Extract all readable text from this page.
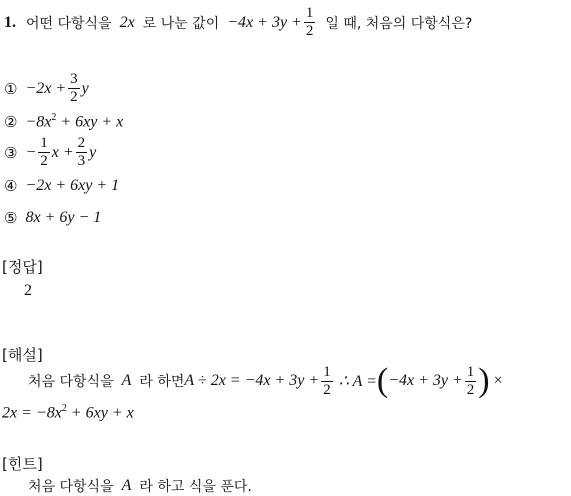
1. 어떤 다항식을 2x 로 나눈 값이 $-4x + 3y + \frac{1}{2}$ 일 때, 처음의 다항식은?
① $-2x + \frac{3}{2}$ y
② $-8x^2 + 6xy + x$
③ − $\frac{1}{2}$ $x + \frac{2}{3}$ y
④ −2x + 6xy + 1
⑤ 8x + 6y − 1
[정답]
2
[해설]
처음 다항식을 A 라 하면 $A \div 2x = -4x + 3y + \frac{1}{2}$ ∴ A = ( $-4x + 3y + \frac{1}{2}$ ) ×
$2x = -8x^2 + 6xy + x$
[힌트]
처음 다항식을 A 라 하고 식을 푼다.
